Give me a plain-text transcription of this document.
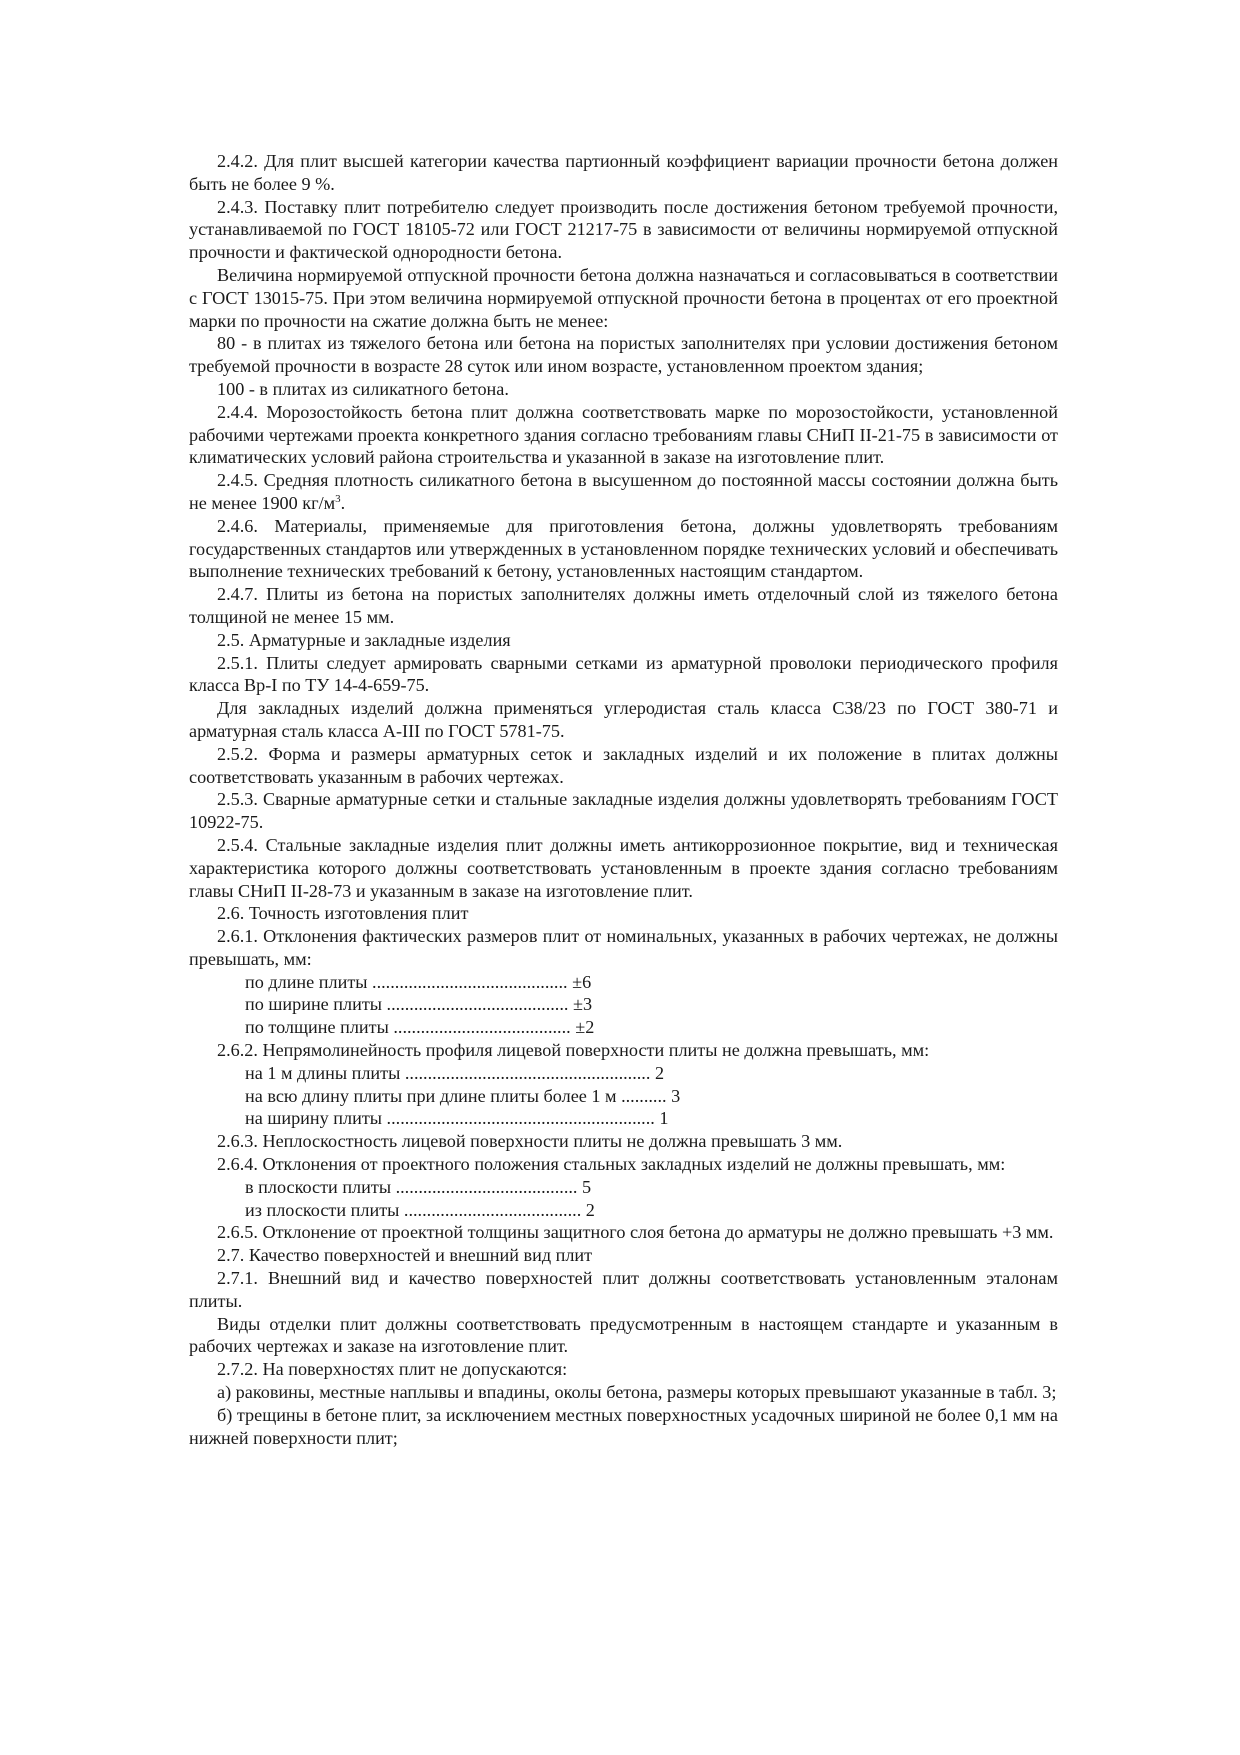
2.4.2. Для плит высшей категории качества партионный коэффициент вариации прочности бетона должен быть не более 9 %.

2.4.3. Поставку плит потребителю следует производить после достижения бетоном требуемой прочности, устанавливаемой по ГОСТ 18105-72 или ГОСТ 21217-75 в зависимости от величины нормируемой отпускной прочности и фактической однородности бетона.

Величина нормируемой отпускной прочности бетона должна назначаться и согласовываться в соответствии с ГОСТ 13015-75. При этом величина нормируемой отпускной прочности бетона в процентах от его проектной марки по прочности на сжатие должна быть не менее:

80 - в плитах из тяжелого бетона или бетона на пористых заполнителях при условии достижения бетоном требуемой прочности в возрасте 28 суток или ином возрасте, установленном проектом здания;

100 - в плитах из силикатного бетона.

2.4.4. Морозостойкость бетона плит должна соответствовать марке по морозостойкости, установленной рабочими чертежами проекта конкретного здания согласно требованиям главы СНиП II-21-75 в зависимости от климатических условий района строительства и указанной в заказе на изготовление плит.

2.4.5. Средняя плотность силикатного бетона в высушенном до постоянной массы состоянии должна быть не менее 1900 $кг/м^3$.

2.4.6. Материалы, применяемые для приготовления бетона, должны удовлетворять требованиям государственных стандартов или утвержденных в установленном порядке технических условий и обеспечивать выполнение технических требований к бетону, установленных настоящим стандартом.

2.4.7. Плиты из бетона на пористых заполнителях должны иметь отделочный слой из тяжелого бетона толщиной не менее 15 мм.

2.5. Арматурные и закладные изделия

2.5.1. Плиты следует армировать сварными сетками из арматурной проволоки периодического профиля класса Вр-I по ТУ 14-4-659-75.

Для закладных изделий должна применяться углеродистая сталь класса С38/23 по ГОСТ 380-71 и арматурная сталь класса А-III по ГОСТ 5781-75.

2.5.2. Форма и размеры арматурных сеток и закладных изделий и их положение в плитах должны соответствовать указанным в рабочих чертежах.

2.5.3. Сварные арматурные сетки и стальные закладные изделия должны удовлетворять требованиям ГОСТ 10922-75.

2.5.4. Стальные закладные изделия плит должны иметь антикоррозионное покрытие, вид и техническая характеристика которого должны соответствовать установленным в проекте здания согласно требованиям главы СНиП II-28-73 и указанным в заказе на изготовление плит.

2.6. Точность изготовления плит

2.6.1. Отклонения фактических размеров плит от номинальных, указанных в рабочих чертежах, не должны превышать, мм:

по длине плиты ........................................... ±6
по ширине плиты ........................................ ±3
по толщине плиты ....................................... ±2

2.6.2. Непрямолинейность профиля лицевой поверхности плиты не должна превышать, мм:

на 1 м длины плиты ...................................................... 2
на всю длину плиты при длине плиты более 1 м .......... 3
на ширину плиты ........................................................... 1

2.6.3. Неплоскостность лицевой поверхности плиты не должна превышать 3 мм.

2.6.4. Отклонения от проектного положения стальных закладных изделий не должны превышать, мм:

в плоскости плиты ........................................ 5
из плоскости плиты ....................................... 2

2.6.5. Отклонение от проектной толщины защитного слоя бетона до арматуры не должно превышать +3 мм.

2.7. Качество поверхностей и внешний вид плит

2.7.1. Внешний вид и качество поверхностей плит должны соответствовать установленным эталонам плиты.

Виды отделки плит должны соответствовать предусмотренным в настоящем стандарте и указанным в рабочих чертежах и заказе на изготовление плит.

2.7.2. На поверхностях плит не допускаются:

а) раковины, местные наплывы и впадины, околы бетона, размеры которых превышают указанные в табл. 3;

б) трещины в бетоне плит, за исключением местных поверхностных усадочных шириной не более 0,1 мм на нижней поверхности плит;
